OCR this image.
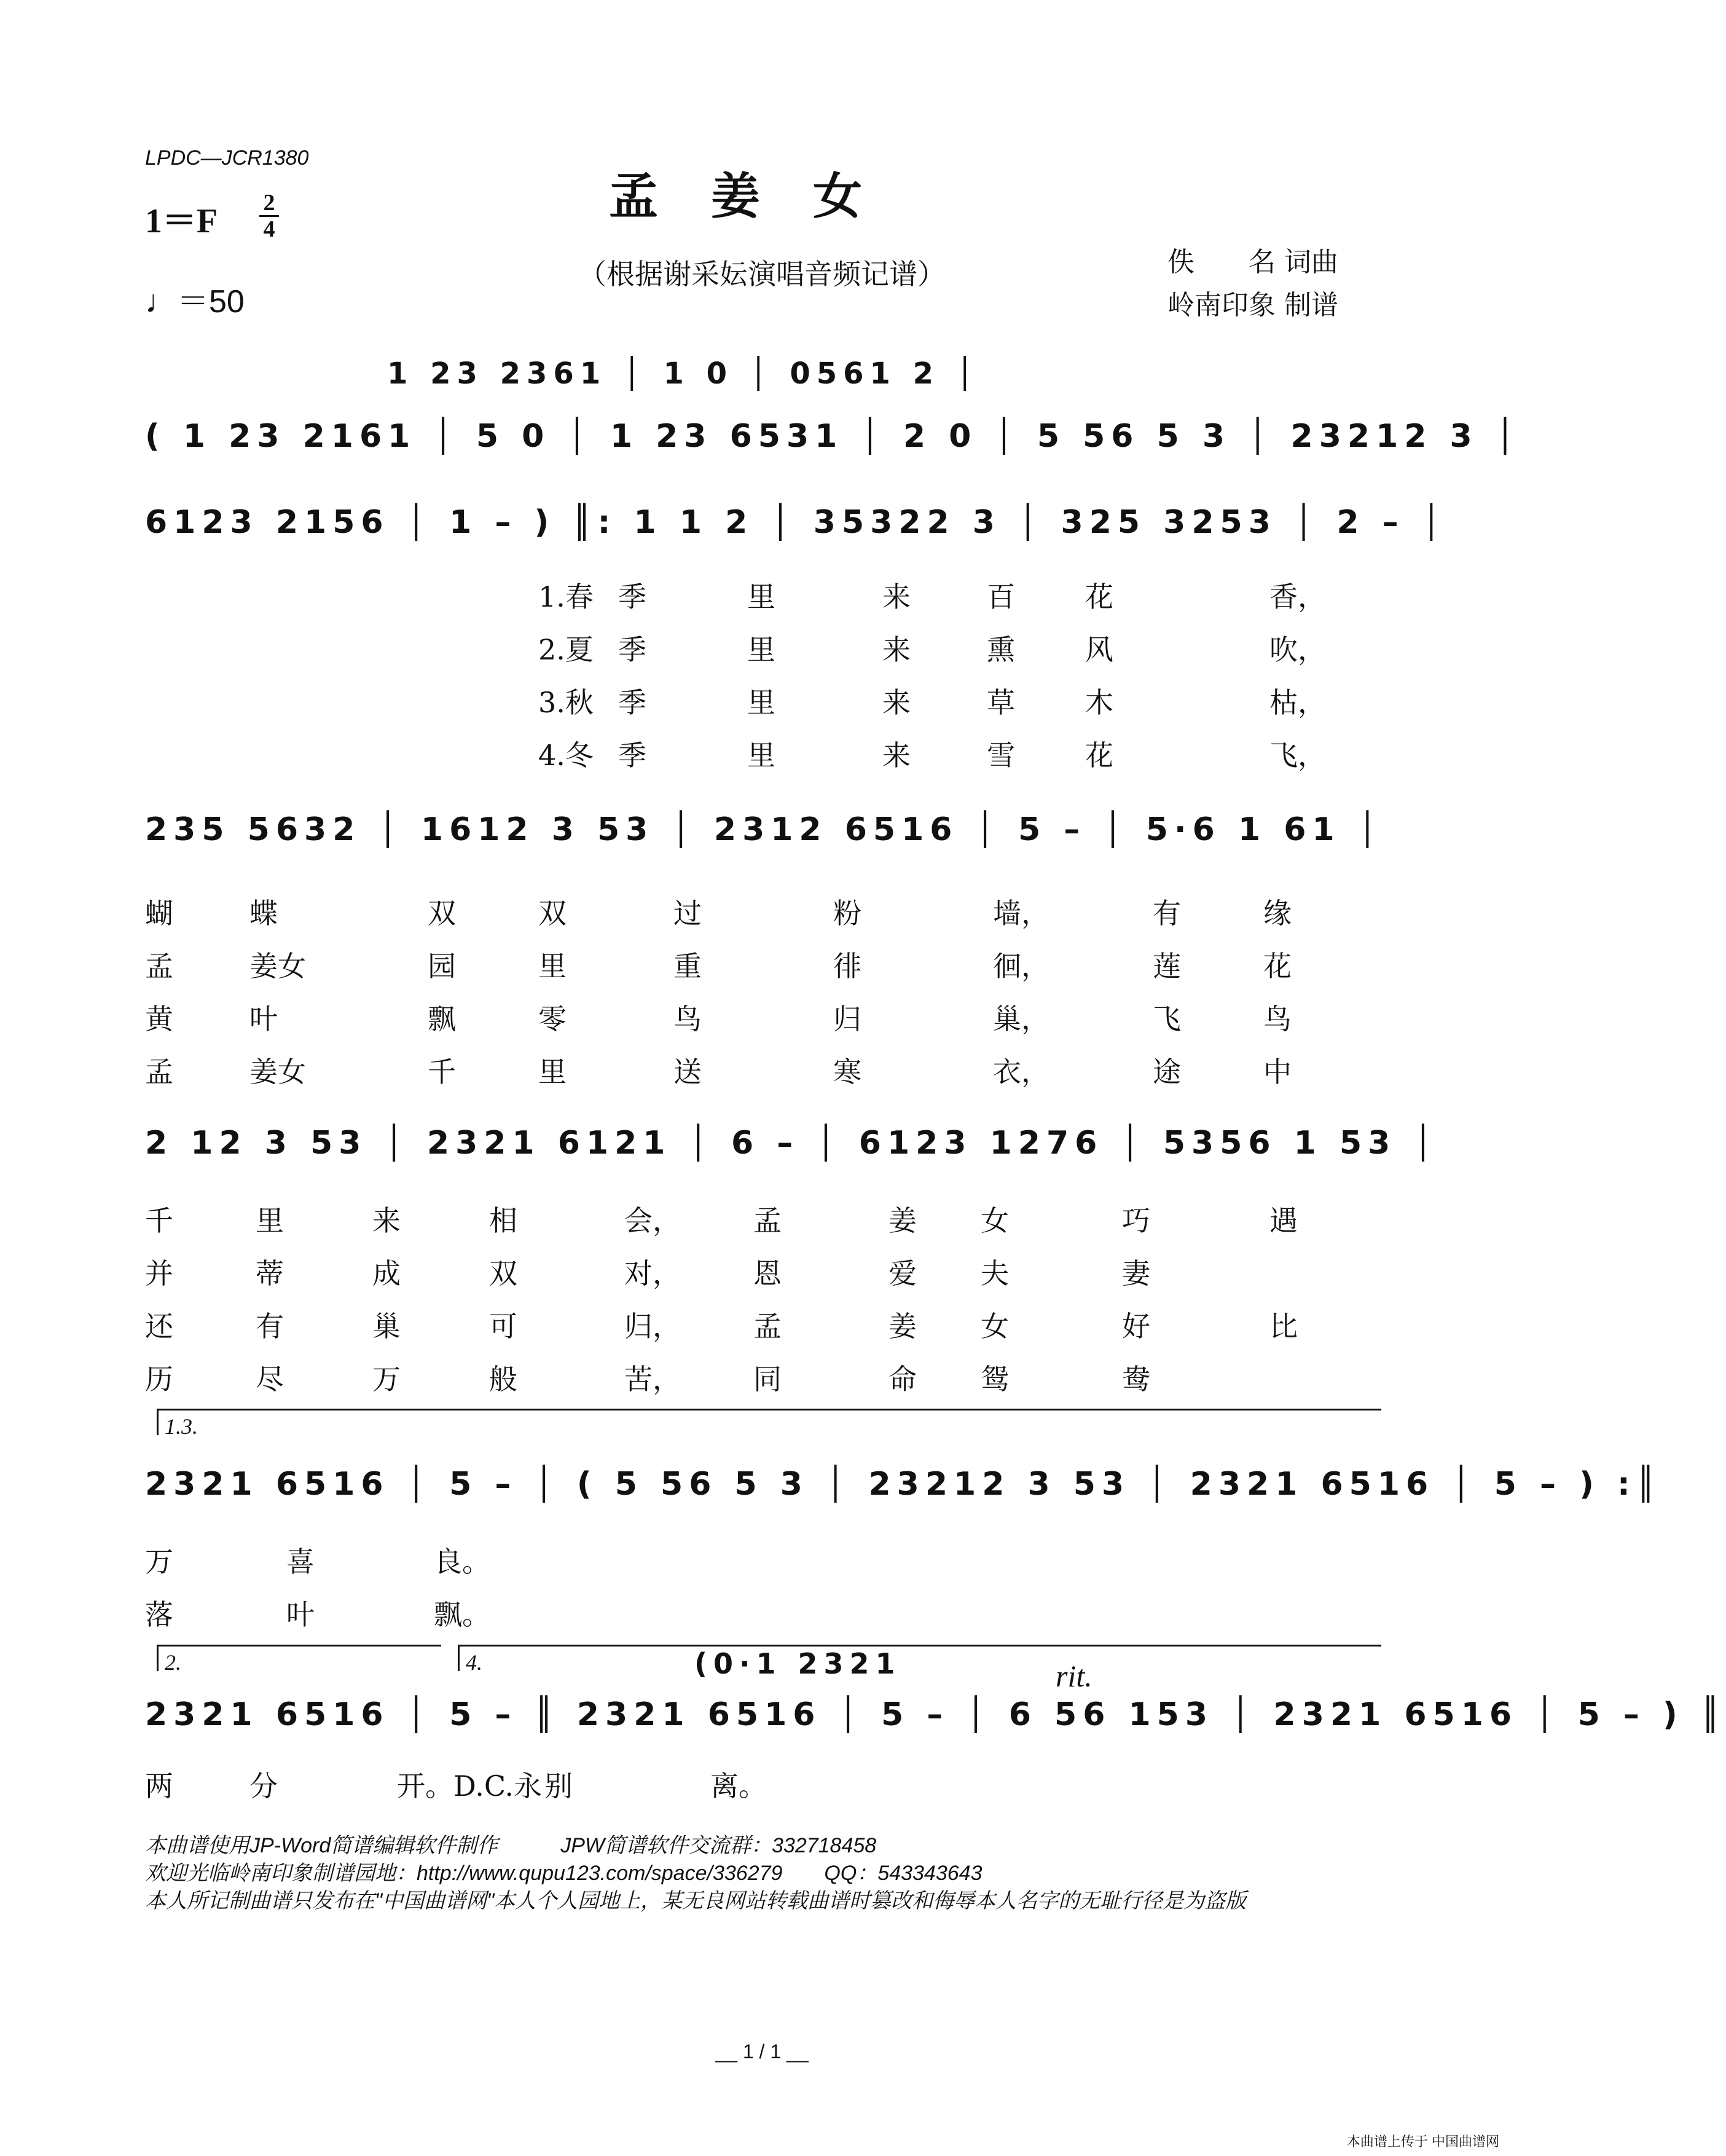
LPDC—JCR1380
孟姜女
（根据谢采妘演唱音频记谱）
1＝F 2
4
♩＝50
佚　　名 词曲
岭南印象 制谱
1 23 2361 │ 1 0 │ 0561 2 │
( 1 23 2161 │ 5 0 │ 1 23 6531 │ 2 0 │ 5 56 5 3 │ 23212 3 │
6123 2156 │ 1 – ) ║: 1 1 2 │ 35322 3 │ 325 3253 │ 2 – │
1.春 季	里	来	百 花	香，
2.夏 季	里	来	熏 风	吹，
3.秋 季	里	来	草 木	枯，
4.冬 季	里	来	雪 花	飞，
235 5632 │ 1612 3 53 │ 2312 6516 │ 5 – │ 5·6 1 61 │
蝴	蝶	双	双	过	粉	墙，	有	缘
孟	姜女	园	里	重	徘	徊，	莲	花
黄	叶	飘	零	鸟	归	巢，	飞	鸟
孟	姜女	千	里	送	寒	衣，	途	中
2 12 3 53 │ 2321 6121 │ 6 – │ 6123 1276 │ 5356 1 53 │
千	里	来	相	会，	孟	姜 女	巧	遇
并	蒂	成	双	对，	恩	爱 夫	妻
还	有	巢	可	归，	孟	姜 女	好	比
历	尽	万	般	苦，	同	命 鸳	鸯
1.3.
2321 6516 │ 5 – │ ( 5 56 5 3 │ 23212 3 53 │ 2321 6516 │ 5 – ) :║
万	喜	良。
落	叶	飘。
2.	4.	(0·1 2321	rit.
2321 6516 │ 5 – ║ 2321 6516 │ 5 – │ 6 56 153 │ 2321 6516 │ 5 – ) ║
两	分	开。D.C.永 别	离。
本曲谱使用JP-Word简谱编辑软件制作　　　JPW简谱软件交流群：332718458
欢迎光临岭南印象制谱园地：http://www.qupu123.com/space/336279　　QQ：543343643
本人所记制曲谱只发布在"中国曲谱网"本人个人园地上，某无良网站转载曲谱时篡改和侮辱本人名字的无耻行径是为盗版
__ 1 / 1 __
本曲谱上传于 中国曲谱网
